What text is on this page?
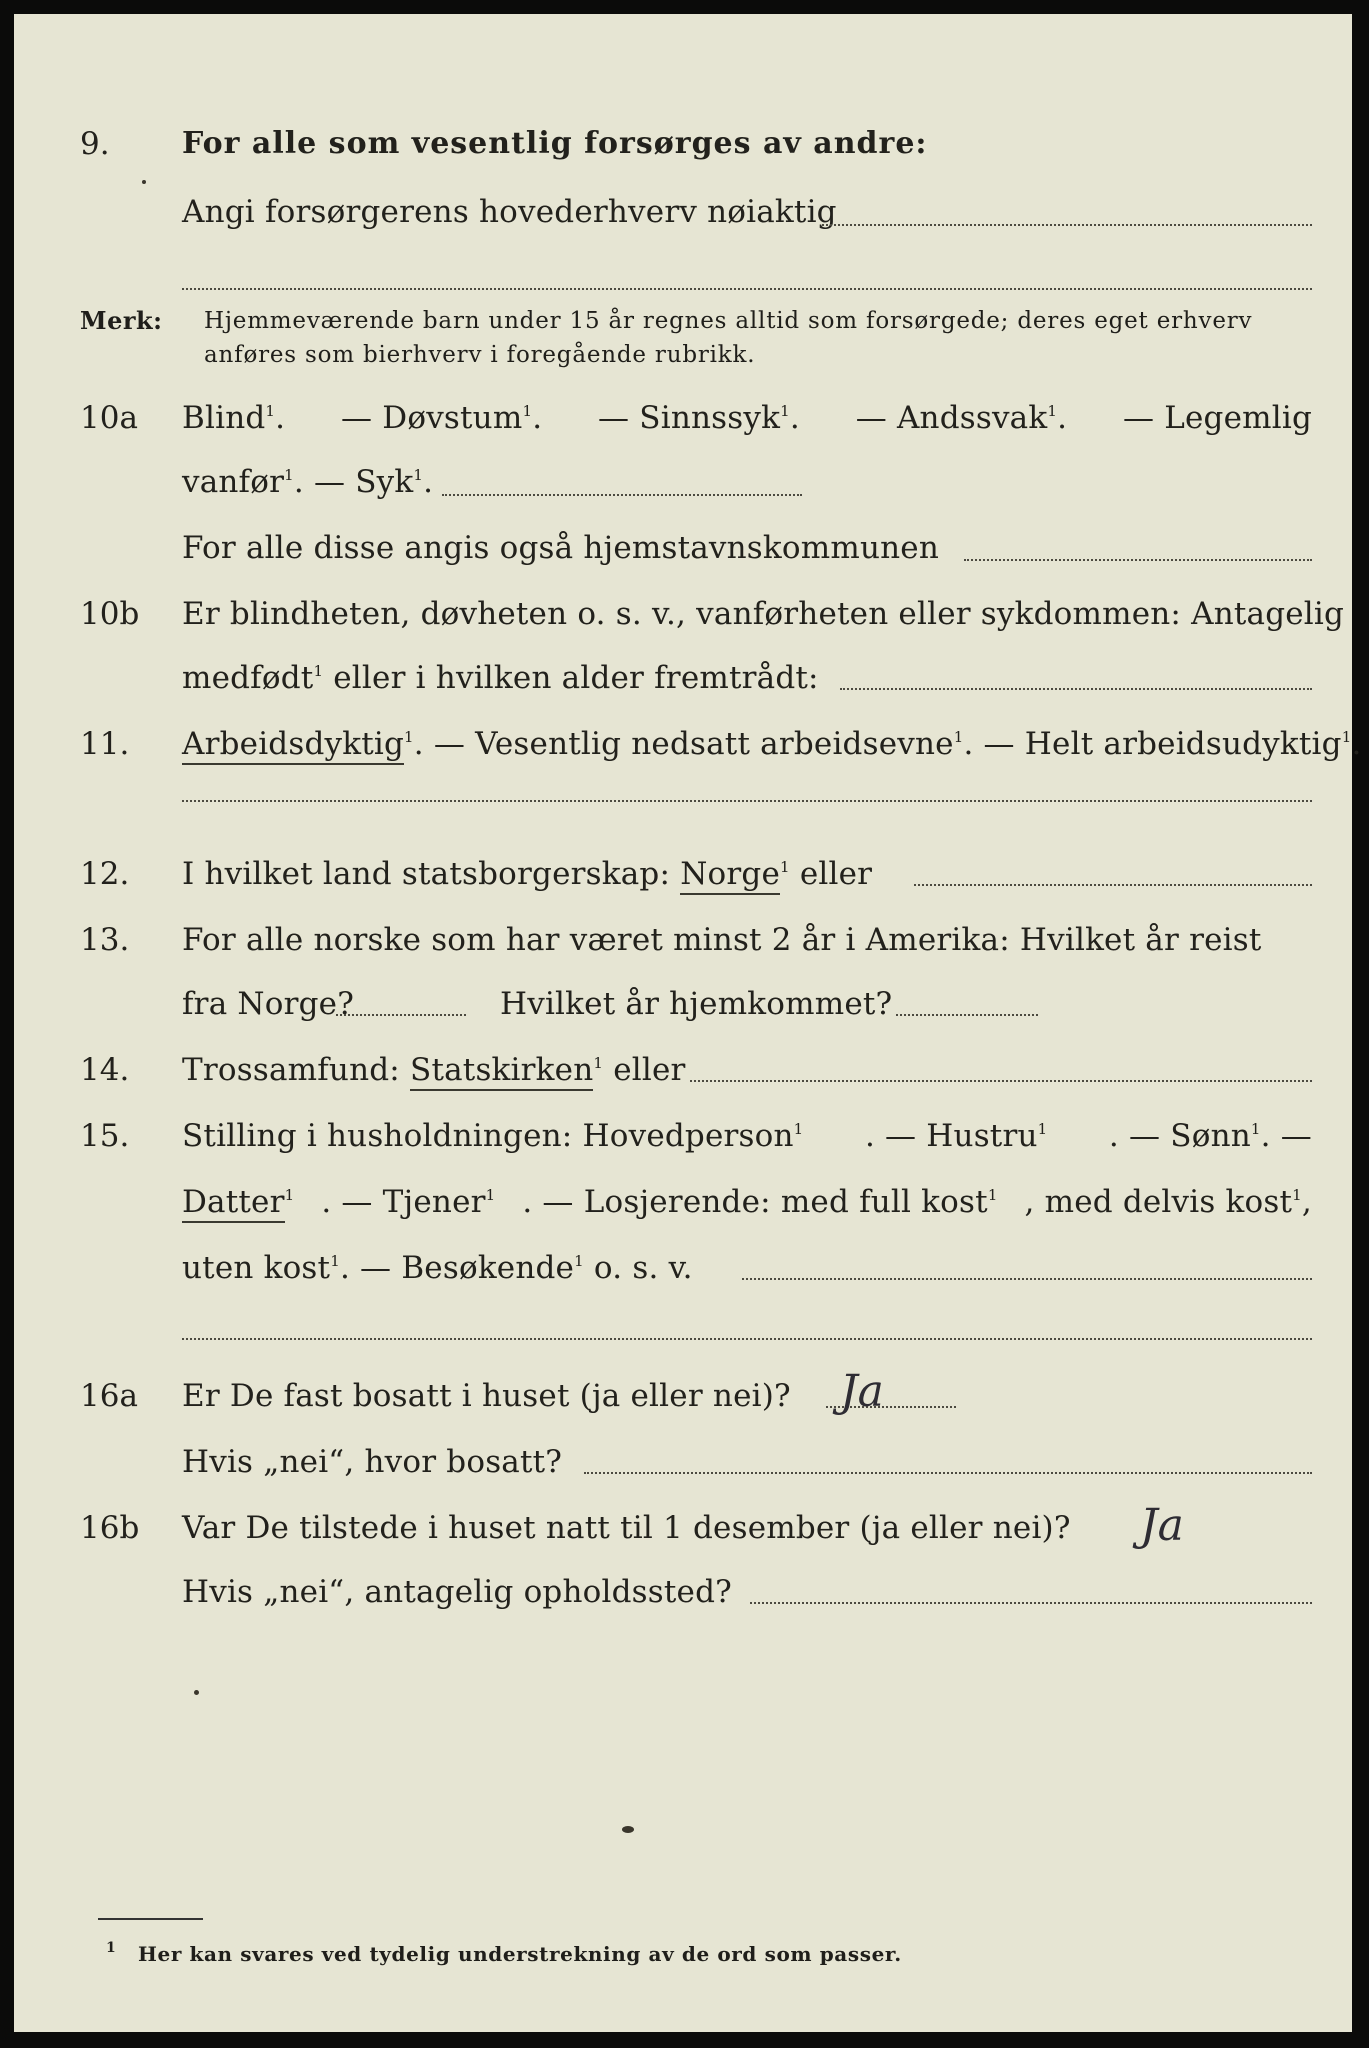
9. For alle som vesentlig forsørges av andre:
Angi forsørgerens hovederhverv nøiaktig
Merk: Hjemmeværende barn under 15 år regnes alltid som forsørgede; deres eget erhverv
anføres som bierhverv i foregående rubrikk.
10a Blind$^1$. — Døvstum$^1$. — Sinnssyk$^1$. — Andssvak$^1$. — Legemlig
vanfør$^1$. — Syk$^1$.
For alle disse angis også hjemstavnskommunen
10b Er blindheten, døvheten o. s. v., vanførheten eller sykdommen: Antagelig
medfødt$^1$ eller i hvilken alder fremtrådt:
11. Arbeidsdyktig$^1$. — Vesentlig nedsatt arbeidsevne$^1$. — Helt arbeidsudyktig$^1$.
12. I hvilket land statsborgerskap: Norge$^1$ eller
13. For alle norske som har været minst 2 år i Amerika: Hvilket år reist
fra Norge?	Hvilket år hjemkommet?
14. Trossamfund: Statskirken$^1$ eller
15. Stilling i husholdningen: Hovedperson$^1$ . — Hustru$^1$ . — Sønn$^1$. —
Datter$^1$ . — Tjener$^1$ . — Losjerende: med full kost$^1$ , med delvis kost$^1$,
uten kost$^1$. — Besøkende$^1$ o. s. v.
16a Er De fast bosatt i huset (ja eller nei)? Ja
Hvis „nei“, hvor bosatt?
16b Var De tilstede i huset natt til 1 desember (ja eller nei)? Ja
Hvis „nei“, antagelig opholdssted?
1 Her kan svares ved tydelig understrekning av de ord som passer.
